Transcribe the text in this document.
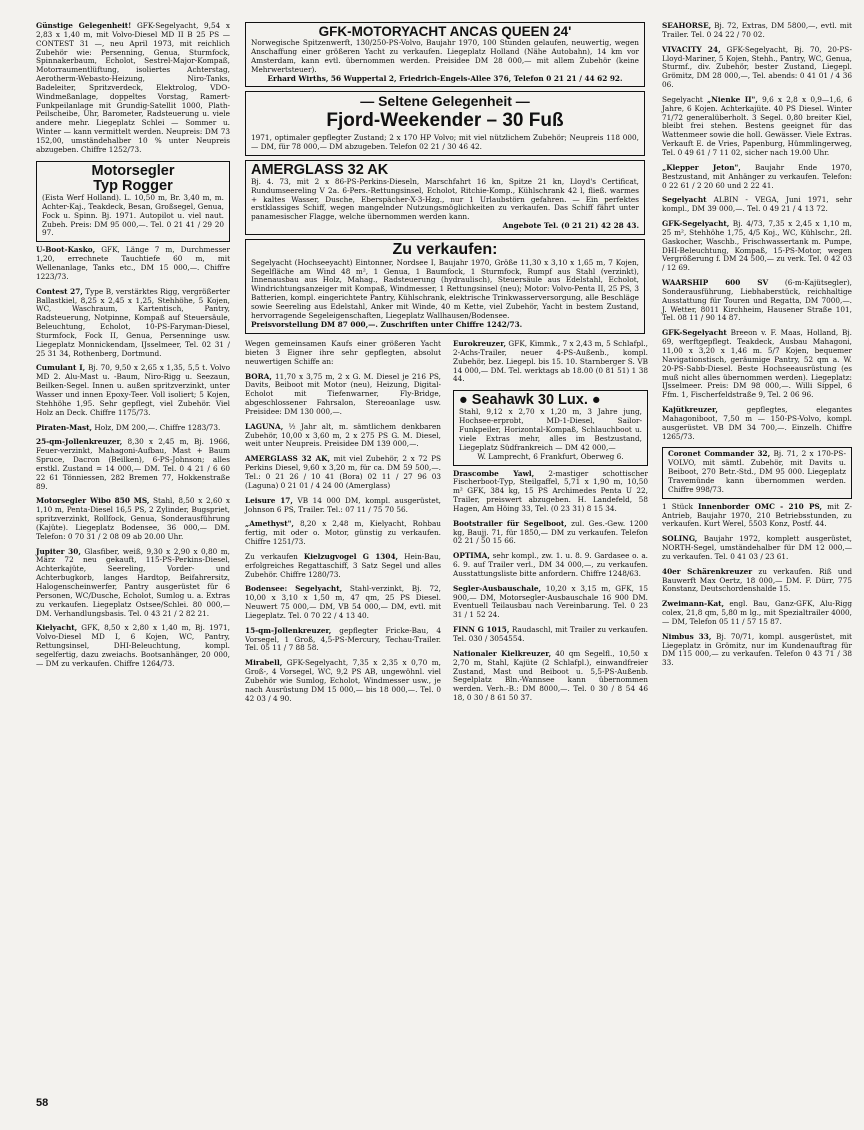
Günstige Gelegenheit! GFK-Segelyacht, 9,54 x 2,83 x 1,40 m, mit Volvo-Diesel MD II B 25 PS — CONTEST 31 —, neu April 1973, mit reichlich Zubehör wie: Persenning, Genua, Sturmfock, Spinnakerbaum, Echolot, Sestrel-Major-Kompaß, Motorraumentlüftung, isoliertes Achterstag, Aerotherm-Webasto-Heizung, Niro-Tanks, Badeleiter, Spritzverdeck, Elektrolog, VDO-Windmeßanlage, doppeltes Vorstag, Ramert-Funkpeilanlage mit Grundig-Satellit 1000, Plath-Peilscheibe, Uhr, Barometer, Radsteuerung u. viele andere mehr. Liegeplatz Schlei — Sommer u. Winter — kann vermittelt werden. Neupreis: DM 73 152,00, umständehalber 10 % unter Neupreis abzugeben. Chiffre 1252/73.

Motorsegler

Typ Rogger

(Eista Werf Holland). L. 10,50 m, Br. 3,40 m, m. Achter-Kaj., Teakdeck, Besan, Großsegel, Genua, Fock u. Spinn. Bj. 1971. Autopilot u. viel naut. Zubeh. Preis: DM 95 000,—. Tel. 0 21 41 / 29 20 97.

U-Boot-Kasko, GFK, Länge 7 m, Durchmesser 1,20, errechnete Tauchtiefe 60 m, mit Wellenanlage, Tanks etc., DM 15 000,—. Chiffre 1223/73.

Contest 27, Type B, verstärktes Rigg, vergrößerter Ballastkiel, 8,25 x 2,45 x 1,25, Stehhöhe, 5 Kojen, WC, Waschraum, Kartentisch, Pantry, Radsteuerung, Notpinne, Kompaß auf Steuersäule, Beleuchtung, Echolot, 10-PS-Faryman-Diesel, Sturmfock, Fock II, Genua, Persenninge usw. Liegeplatz Monnickendam, IJsselmeer, Tel. 02 31 / 25 31 34, Rothenberg, Dortmund.

Cumulant I, Bj. 70, 9,50 x 2,65 x 1,35, 5,5 t. Volvo MD 2. Alu-Mast u. -Baum, Niro-Rigg u. Seezaun, Beilken-Segel. Innen u. außen spritzverzinkt, unter Wasser und innen Epoxy-Teer. Voll isoliert; 5 Kojen, Stehhöhe 1,95. Sehr gepflegt, viel Zubehör. Viel Holz an Deck. Chiffre 1175/73.

Piraten-Mast, Holz, DM 200,—. Chiffre 1283/73.

25-qm-Jollenkreuzer, 8,30 x 2,45 m, Bj. 1966, Feuer-verzinkt, Mahagoni-Aufbau, Mast + Baum Spruce, Dacron (Beilken), 6-PS-Johnson; alles erstkl. Zustand = 14 000,— DM. Tel. 0 4 21 / 6 60 22 61 Tönniessen, 282 Bremen 77, Hokkenstraße 89.

Motorsegler Wibo 850 MS, Stahl, 8,50 x 2,60 x 1,10 m, Penta-Diesel 16,5 PS, 2 Zylinder, Bugspriet, spritzverzinkt, Rollfock, Genua, Sonderausführung (Kajüte). Liegeplatz Bodensee, 36 000,— DM. Telefon: 0 70 31 / 2 08 09 ab 20.00 Uhr.

Jupiter 30, Glasfiber, weiß, 9,30 x 2,90 x 0,80 m, März 72 neu gekauft, 115-PS-Perkins-Diesel, Achterkajüte, Seereling, Vorder- und Achterbugkorb, langes Hardtop, Beifahrersitz, Halogenscheinwerfer, Pantry ausgerüstet für 6 Personen, WC/Dusche, Echolot, Sumlog u. a. Extras zu verkaufen. Liegeplatz Ostsee/Schlei. 80 000,— DM. Verhandlungsbasis. Tel. 0 43 21 / 2 82 21.

Kielyacht, GFK, 8,50 x 2,80 x 1,40 m, Bj. 1971, Volvo-Diesel MD I, 6 Kojen, WC, Pantry, Rettungsinsel, DHI-Beleuchtung, kompl. segelfertig, dazu zweiachs. Bootsanhänger, 20 000,— DM zu verkaufen. Chiffre 1264/73.

GFK-MOTORYACHT ANCAS QUEEN 24'

Norwegische Spitzenwerft, 130/250-PS-Volvo, Baujahr 1970, 100 Stunden gelaufen, neuwertig, wegen Anschaffung einer größeren Yacht zu verkaufen. Liegeplatz Holland (Nähe Autobahn), 14 km vor Amsterdam, kann evtl. übernommen werden. Preisidee DM 28 000,— mit allem Zubehör (keine Mehrwertsteuer).

Erhard Wirths, 56 Wuppertal 2, Friedrich-Engels-Allee 376, Telefon 0 21 21 / 44 62 92.

— Seltene Gelegenheit —

Fjord-Weekender – 30 Fuß

1971, optimaler gepflegter Zustand; 2 x 170 HP Volvo; mit viel nützlichem Zubehör; Neupreis 118 000,— DM, für 78 000,— DM abzugeben. Telefon 02 21 / 30 46 42.

AMERGLASS 32 AK

Bj. 4. 73, mit 2 x 86-PS-Perkins-Dieseln, Marschfahrt 16 kn, Spitze 21 kn, Lloyd's Certificat, Rundumseereling V 2a. 6-Pers.-Rettungsinsel, Echolot, Ritchie-Komp., Kühlschrank 42 l, fließ. warmes + kaltes Wasser, Dusche, Eberspächer-X-3-Hzg., nur 1 Urlaubstörn gefahren. — Ein perfektes erstklassiges Schiff, wegen mangelnder Nutzungsmöglichkeiten zu verkaufen. Das Schiff fährt unter panamesischer Flagge, welche übernommen werden kann.

Angebote Tel. (0 21 21) 42 28 43.

Zu verkaufen:

Segelyacht (Hochseeyacht) Eintonner, Nordsee I, Baujahr 1970, Größe 11,30 x 3,10 x 1,65 m, 7 Kojen, Segelfläche am Wind 48 m², 1 Genua, 1 Baumfock, 1 Sturmfock, Rumpf aus Stahl (verzinkt), Innenausbau aus Holz, Mahag., Radsteuerung (hydraulisch), Steuersäule aus Edelstahl, Echolot, Windrichtungsanzeiger mit Kompaß, Windmesser, 1 Rettungsinsel (neu); Motor: Volvo-Penta II, 25 PS, 3 Batterien, kompl. eingerichtete Pantry, Kühlschrank, elektrische Trinkwasserversorgung, alle Beschläge sowie Seereling aus Edelstahl, Anker mit Winde, 40 m Kette, viel Zubehör, Yacht in bestem Zustand, hervorragende Segeleigenschaften, Liegeplatz Wallhausen/Bodensee.

Preisvorstellung DM 87 000,—. Zuschriften unter Chiffre 1242/73.

Wegen gemeinsamen Kaufs einer größeren Yacht bieten 3 Eigner ihre sehr gepflegten, absolut neuwertigen Schiffe an:

BORA, 11,70 x 3,75 m, 2 x G. M. Diesel je 216 PS, Davits, Beiboot mit Motor (neu), Heizung, Digital-Echolot mit Tiefenwarner, Fly-Bridge, abgeschlossener Fahrsalon, Stereoanlage usw. Preisidee: DM 130 000,—.

LAGUNA, ½ Jahr alt, m. sämtlichem denkbaren Zubehör, 10,00 x 3,60 m, 2 x 275 PS G. M. Diesel, weit unter Neupreis. Preisidee DM 139 000,—.

AMERGLASS 32 AK, mit viel Zubehör, 2 x 72 PS Perkins Diesel, 9,60 x 3,20 m, für ca. DM 59 500,—. Tel.: 0 21 26 / 10 41 (Bora) 02 11 / 27 96 03 (Laguna) 0 21 01 / 4 24 00 (Amerglass)

Leisure 17, VB 14 000 DM, kompl. ausgerüstet, Johnson 6 PS, Trailer. Tel.: 07 11 / 75 70 56.

„Amethyst", 8,20 x 2,48 m, Kielyacht, Rohbau fertig, mit oder o. Motor, günstig zu verkaufen. Chiffre 1251/73.

Zu verkaufen Kielzugvogel G 1304, Hein-Bau, erfolgreiches Regattaschiff, 3 Satz Segel und alles Zubehör. Chiffre 1280/73.

Bodensee: Segelyacht, Stahl-verzinkt, Bj. 72, 10,00 x 3,10 x 1,50 m, 47 qm, 25 PS Diesel. Neuwert 75 000,— DM, VB 54 000,— DM, evtl. mit Liegeplatz. Tel. 0 70 22 / 4 13 40.

15-qm-Jollenkreuzer, gepflegter Fricke-Bau, 4 Vorsegel, 1 Groß, 4,5-PS-Mercury, Techau-Trailer. Tel. 05 11 / 7 88 58.

Mirabell, GFK-Segelyacht, 7,35 x 2,35 x 0,70 m, Groß-, 4 Vorsegel, WC, 9,2 PS AB, ungewöhnl. viel Zubehör wie Sumlog, Echolot, Windmesser usw., je nach Ausrüstung DM 15 000,— bis 18 000,—. Tel. 0 42 03 / 4 90.

Eurokreuzer, GFK, Kimmk., 7 x 2,43 m, 5 Schlafpl., 2-Achs-Trailer, neuer 4-PS-Außenb., kompl. Zubehör, bez. Liegepl. bis 15. 10. Starnberger S. VB 14 000,— DM. Tel. werktags ab 18.00 (0 81 51) 1 38 44.

● Seahawk 30 Lux. ●

Stahl, 9,12 x 2,70 x 1,20 m, 3 Jahre jung, Hochsee-erprobt, MD-1-Diesel, Sailor-Funkpeiler, Horizontal-Kompaß, Schlauchboot u. viele Extras mehr, alles im Bestzustand, Liegeplatz Südfrankreich — DM 42 000,—

W. Lamprecht, 6 Frankfurt, Oberweg 6.

Drascombe Yawl, 2-mastiger schottischer Fischerboot-Typ, Steilgaffel, 5,71 x 1,90 m, 10,50 m² GFK, 384 kg, 15 PS Archimedes Penta U 22, Trailer, preiswert abzugeben. H. Landefeld, 58 Hagen, Am Höing 33, Tel. (0 23 31) 8 15 34.

Bootstrailer für Segelboot, zul. Ges.-Gew. 1200 kg, Baujj. 71, für 1850,— DM zu verkaufen. Telefon 02 21 / 50 15 66.

OPTIMA, sehr kompl., zw. 1. u. 8. 9. Gardasee o. a. 6. 9. auf Trailer verl., DM 34 000,—, zu verkaufen. Ausstattungsliste bitte anfordern. Chiffre 1248/63.

Segler-Ausbauschale, 10,20 x 3,15 m, GFK, 15 900,— DM, Motorsegler-Ausbauschale 16 900 DM. Eventuell Teilausbau nach Vereinbarung. Tel. 0 23 31 / 1 52 24.

FINN G 1015, Raudaschl, mit Trailer zu verkaufen. Tel. 030 / 3054554.

Nationaler Kielkreuzer, 40 qm Segelfl., 10,50 x 2,70 m, Stahl, Kajüte (2 Schlafpl.), einwandfreier Zustand, Mast und Beiboot u. 5,5-PS-Außenb. Segelplatz Bln.-Wannsee kann übernommen werden. Verh.-B.: DM 8000,—. Tel. 0 30 / 8 54 46 18, 0 30 / 8 61 50 37.

SEAHORSE, Bj. 72, Extras, DM 5800,—, evtl. mit Trailer. Tel. 0 24 22 / 70 02.

VIVACITY 24, GFK-Segelyacht, Bj. 70, 20-PS-Lloyd-Mariner, 5 Kojen, Stehh., Pantry, WC, Genua, Sturmf., div. Zubehör, bester Zustand, Liegepl. Grömitz, DM 28 000,—, Tel. abends: 0 41 01 / 4 36 06.

Segelyacht „Nienke II", 9,6 x 2,8 x 0,9—1,6, 6 Jahre, 6 Kojen. Achterkajüte. 40 PS Diesel. Winter 71/72 generalüberholt. 3 Segel. 0,80 breiter Kiel, bleibt frei stehen. Bestens geeignet für das Wattenmeer sowie die holl. Gewässer. Viele Extras. Verkauft E. de Vries, Papenburg, Hümmlingerweg, Tel. 0 49 61 / 7 11 02, sicher nach 19.00 Uhr.

„Klepper Jeton", Baujahr Ende 1970, Bestzustand, mit Anhänger zu verkaufen. Telefon: 0 22 61 / 2 20 60 und 2 22 41.

Segelyacht ALBIN - VEGA, Juni 1971, sehr kompl., DM 39 000,—. Tel. 0 49 21 / 4 13 72.

GFK-Segelyacht, Bj. 4/73, 7,35 x 2,45 x 1,10 m, 25 m², Stehhöhe 1,75, 4/5 Koj., WC, Kühlschr., 2fl. Gaskocher, Waschb., Frischwassertank m. Pumpe, DHI-Beleuchtung, Kompaß, 15-PS-Motor, wegen Vergrößerung f. DM 24 500,— zu verk. Tel. 0 42 03 / 12 69.

WAARSHIP 600 SV (6-m-Kajütsegler), Sonderausführung, Liebhaberstück, reichhaltige Ausstattung für Touren und Regatta, DM 7000,—. J. Wetter, 8011 Kirchheim, Hausener Straße 101, Tel. 08 11 / 90 14 87.

GFK-Segelyacht Breeon v. F. Maas, Holland, Bj. 69, werftgepflegt. Teakdeck, Ausbau Mahagoni, 11,00 x 3,20 x 1,46 m. 5/7 Kojen, bequemer Navigationstisch, geräumige Pantry, 52 qm a. W. 20-PS-Sabb-Diesel. Beste Hochseeausrüstung (es muß nicht alles übernommen werden). Liegeplatz: IJsselmeer. Preis: DM 98 000,—. Willi Sippel, 6 Ffm. 1, Fischerfeldstraße 9, Tel. 2 06 96.

Kajütkreuzer, gepflegtes, elegantes Mahagoniboot, 7,50 m — 150-PS-Volvo, kompl. ausgerüstet. VB DM 34 700,—. Einzelh. Chiffre 1265/73.

Coronet Commander 32, Bj. 71, 2 x 170-PS-VOLVO, mit sämtl. Zubehör, mit Davits u. Beiboot, 270 Betr.-Std., DM 95 000. Liegeplatz Travemünde kann übernommen werden. Chiffre 998/73.

1 Stück Innenborder OMC - 210 PS, mit Z-Antrieb, Baujahr 1970, 210 Betriebsstunden, zu verkaufen. Kurt Werel, 5503 Konz, Postf. 44.

SOLING, Baujahr 1972, komplett ausgerüstet, NORTH-Segel, umständehalber für DM 12 000,— zu verkaufen. Tel. 0 41 03 / 23 61.

40er Schärenkreuzer zu verkaufen. Riß und Bauwerft Max Oertz, 18 000,— DM. F. Dürr, 775 Konstanz, Deutschordenshalde 15.

Zweimann-Kat, engl. Bau, Ganz-GFK, Alu-Rigg colex, 21,8 qm, 5,80 m lg., mit Spezialtrailer 4000,— DM, Telefon 05 11 / 57 15 87.

Nimbus 33, Bj. 70/71, kompl. ausgerüstet, mit Liegeplatz in Grömitz, nur im Kundenauftrag für DM 115 000,— zu verkaufen. Telefon 0 43 71 / 38 33.

58
